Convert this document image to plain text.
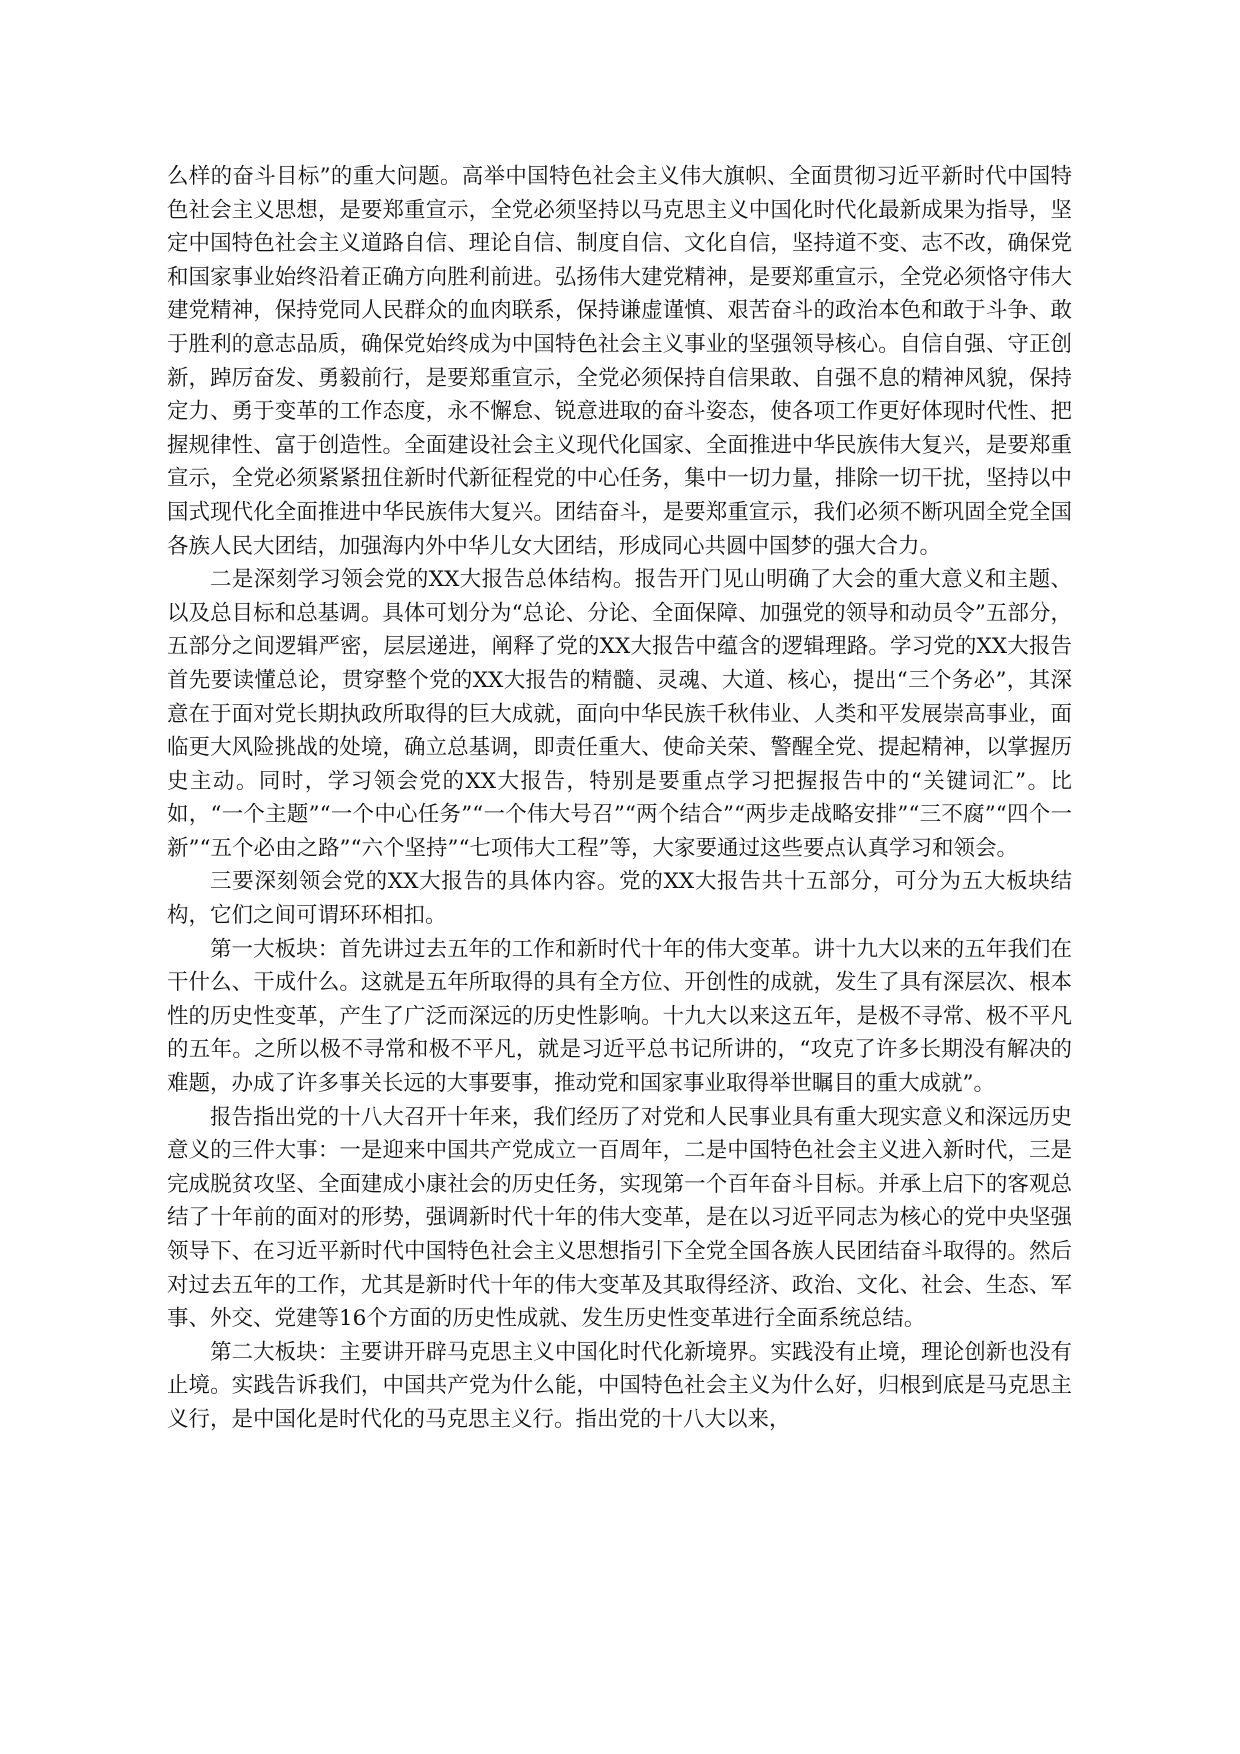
么样的奋斗目标”的重大问题。高举中国特色社会主义伟大旗帜、全面贯彻习近平新时代中国特色社会主义思想，是要郑重宣示，全党必须坚持以马克思主义中国化时代化最新成果为指导，坚定中国特色社会主义道路自信、理论自信、制度自信、文化自信，坚持道不变、志不改，确保党和国家事业始终沿着正确方向胜利前进。弘扬伟大建党精神，是要郑重宣示，全党必须恪守伟大建党精神，保持党同人民群众的血肉联系，保持谦虚谨慎、艰苦奋斗的政治本色和敢于斗争、敢于胜利的意志品质，确保党始终成为中国特色社会主义事业的坚强领导核心。自信自强、守正创新，踔厉奋发、勇毅前行，是要郑重宣示，全党必须保持自信果敢、自强不息的精神风貌，保持定力、勇于变革的工作态度，永不懈怠、锐意进取的奋斗姿态，使各项工作更好体现时代性、把握规律性、富于创造性。全面建设社会主义现代化国家、全面推进中华民族伟大复兴，是要郑重宣示，全党必须紧紧扭住新时代新征程党的中心任务，集中一切力量，排除一切干扰，坚持以中国式现代化全面推进中华民族伟大复兴。团结奋斗，是要郑重宣示，我们必须不断巩固全党全国各族人民大团结，加强海内外中华儿女大团结，形成同心共圆中国梦的强大合力。

二是深刻学习领会党的XX大报告总体结构。报告开门见山明确了大会的重大意义和主题、以及总目标和总基调。具体可划分为“总论、分论、全面保障、加强党的领导和动员令”五部分，五部分之间逻辑严密，层层递进，阐释了党的XX大报告中蕴含的逻辑理路。学习党的XX大报告首先要读懂总论，贯穿整个党的XX大报告的精髓、灵魂、大道、核心，提出“三个务必”，其深意在于面对党长期执政所取得的巨大成就，面向中华民族千秋伟业、人类和平发展崇高事业，面临更大风险挑战的处境，确立总基调，即责任重大、使命关荣、警醒全党、提起精神，以掌握历史主动。同时，学习领会党的XX大报告，特别是要重点学习把握报告中的“关键词汇”。比如，“一个主题”“一个中心任务”“一个伟大号召”“两个结合”“两步走战略安排”“三不腐”“四个一新”“五个必由之路”“六个坚持”“七项伟大工程”等，大家要通过这些要点认真学习和领会。

三要深刻领会党的XX大报告的具体内容。党的XX大报告共十五部分，可分为五大板块结构，它们之间可谓环环相扣。

第一大板块：首先讲过去五年的工作和新时代十年的伟大变革。讲十九大以来的五年我们在干什么、干成什么。这就是五年所取得的具有全方位、开创性的成就，发生了具有深层次、根本性的历史性变革，产生了广泛而深远的历史性影响。十九大以来这五年，是极不寻常、极不平凡的五年。之所以极不寻常和极不平凡，就是习近平总书记所讲的，“攻克了许多长期没有解决的难题，办成了许多事关长远的大事要事，推动党和国家事业取得举世瞩目的重大成就”。

报告指出党的十八大召开十年来，我们经历了对党和人民事业具有重大现实意义和深远历史意义的三件大事：一是迎来中国共产党成立一百周年，二是中国特色社会主义进入新时代，三是完成脱贫攻坚、全面建成小康社会的历史任务，实现第一个百年奋斗目标。并承上启下的客观总结了十年前的面对的形势，强调新时代十年的伟大变革，是在以习近平同志为核心的党中央坚强领导下、在习近平新时代中国特色社会主义思想指引下全党全国各族人民团结奋斗取得的。然后对过去五年的工作，尤其是新时代十年的伟大变革及其取得经济、政治、文化、社会、生态、军事、外交、党建等16个方面的历史性成就、发生历史性变革进行全面系统总结。

第二大板块：主要讲开辟马克思主义中国化时代化新境界。实践没有止境，理论创新也没有止境。实践告诉我们，中国共产党为什么能，中国特色社会主义为什么好，归根到底是马克思主义行，是中国化是时代化的马克思主义行。指出党的十八大以来，
